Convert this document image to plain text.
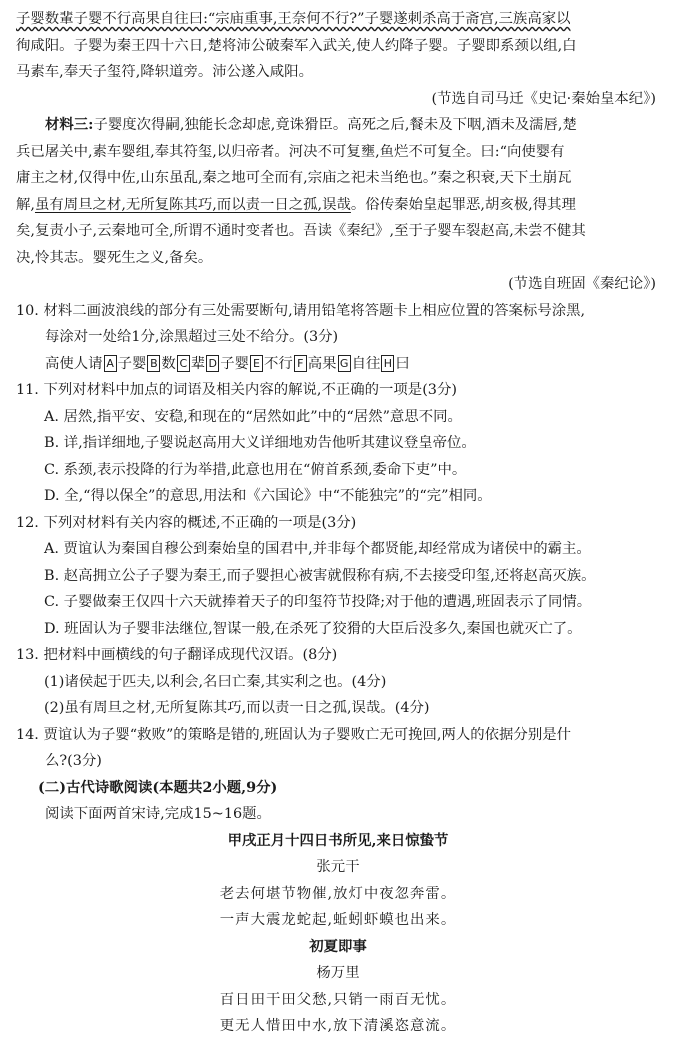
子婴数輩子婴不行高果自往曰:“宗庙重事,王奈何不行?”子婴遂刺杀高于斋宫,三族高家以
徇咸阳。子婴为秦王四十六日,楚将沛公破秦军入武关,使人约降子婴。子婴即系颈以组,白
马素车,奉天子玺符,降轵道旁。沛公遂入咸阳。
(节选自司马迁《史记·秦始皇本纪》)
材料三:子婴度次得嗣,独能长念却虑,竟诛猾臣。高死之后,餐未及下咽,酒未及濡唇,楚
兵已屠关中,素车婴组,奉其符玺,以归帝者。河决不可复壅,鱼烂不可复全。曰:“向使婴有
庸主之材,仅得中佐,山东虽乱,秦之地可全而有,宗庙之祀未当绝也。”秦之积衰,天下土崩瓦
解,虽有周旦之材,无所复陈其巧,而以责一日之孤,误哉。俗传秦始皇起罪恶,胡亥极,得其理
矣,复责小子,云秦地可全,所谓不通时变者也。吾读《秦纪》,至于子婴车裂赵高,未尝不健其
决,怜其志。婴死生之义,备矣。
(节选自班固《秦纪论》)
10. 材料二画波浪线的部分有三处需要断句,请用铅笔将答题卡上相应位置的答案标号涂黑,
每涂对一处给1分,涂黑超过三处不给分。(3分)
高使人请 A 子婴 B 数 C 辈 D 子婴 E 不行 F 高果 G 自往 H 曰
11. 下列对材料中加点的词语及相关内容的解说,不正确的一项是(3分)
A. 居然,指平安、安稳,和现在的“居然如此”中的“居然”意思不同。
B. 详,指详细地,子婴说赵高用大义详细地劝告他听其建议登皇帝位。
C. 系颈,表示投降的行为举措,此意也用在“俯首系颈,委命下吏”中。
D. 全,“得以保全”的意思,用法和《六国论》中“不能独完”的“完”相同。
12. 下列对材料有关内容的概述,不正确的一项是(3分)
A. 贾谊认为秦国自穆公到秦始皇的国君中,并非每个都贤能,却经常成为诸侯中的霸主。
B. 赵高拥立公子子婴为秦王,而子婴担心被害就假称有病,不去接受印玺,还将赵高灭族。
C. 子婴做秦王仅四十六天就捧着天子的印玺符节投降;对于他的遭遇,班固表示了同情。
D. 班固认为子婴非法继位,智谋一般,在杀死了狡猾的大臣后没多久,秦国也就灭亡了。
13. 把材料中画横线的句子翻译成现代汉语。(8分)
(1)诸侯起于匹夫,以利会,名曰亡秦,其实利之也。(4分)
(2)虽有周旦之材,无所复陈其巧,而以责一日之孤,误哉。(4分)
14. 贾谊认为子婴“救败”的策略是错的,班固认为子婴败亡无可挽回,两人的依据分别是什
么?(3分)
(二)古代诗歌阅读(本题共2小题,9分)
阅读下面两首宋诗,完成15~16题。
甲戌正月十四日书所见,来日惊蛰节
张元干
老去何堪节物催,放灯中夜忽奔雷。
一声大震龙蛇起,蚯蚓虾蟆也出来。
初夏即事
杨万里
百日田干田父愁,只销一雨百无忧。
更无人惜田中水,放下清溪恣意流。
